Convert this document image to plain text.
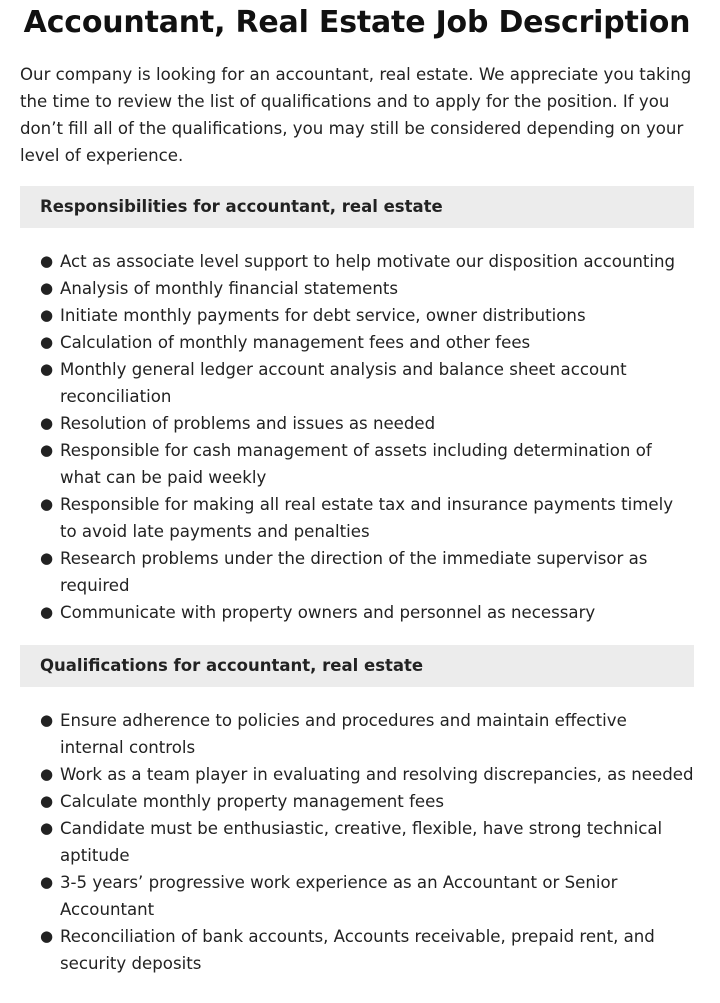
Accountant, Real Estate Job Description

Our company is looking for an accountant, real estate. We appreciate you taking the time to review the list of qualifications and to apply for the position. If you don’t fill all of the qualifications, you may still be considered depending on your level of experience.

Responsibilities for accountant, real estate
● Act as associate level support to help motivate our disposition accounting
● Analysis of monthly financial statements
● Initiate monthly payments for debt service, owner distributions
● Calculation of monthly management fees and other fees
● Monthly general ledger account analysis and balance sheet account reconciliation
● Resolution of problems and issues as needed
● Responsible for cash management of assets including determination of what can be paid weekly
● Responsible for making all real estate tax and insurance payments timely to avoid late payments and penalties
● Research problems under the direction of the immediate supervisor as required
● Communicate with property owners and personnel as necessary
Qualifications for accountant, real estate
● Ensure adherence to policies and procedures and maintain effective internal controls
● Work as a team player in evaluating and resolving discrepancies, as needed
● Calculate monthly property management fees
● Candidate must be enthusiastic, creative, flexible, have strong technical aptitude
● 3-5 years’ progressive work experience as an Accountant or Senior Accountant
● Reconciliation of bank accounts, Accounts receivable, prepaid rent, and security deposits
